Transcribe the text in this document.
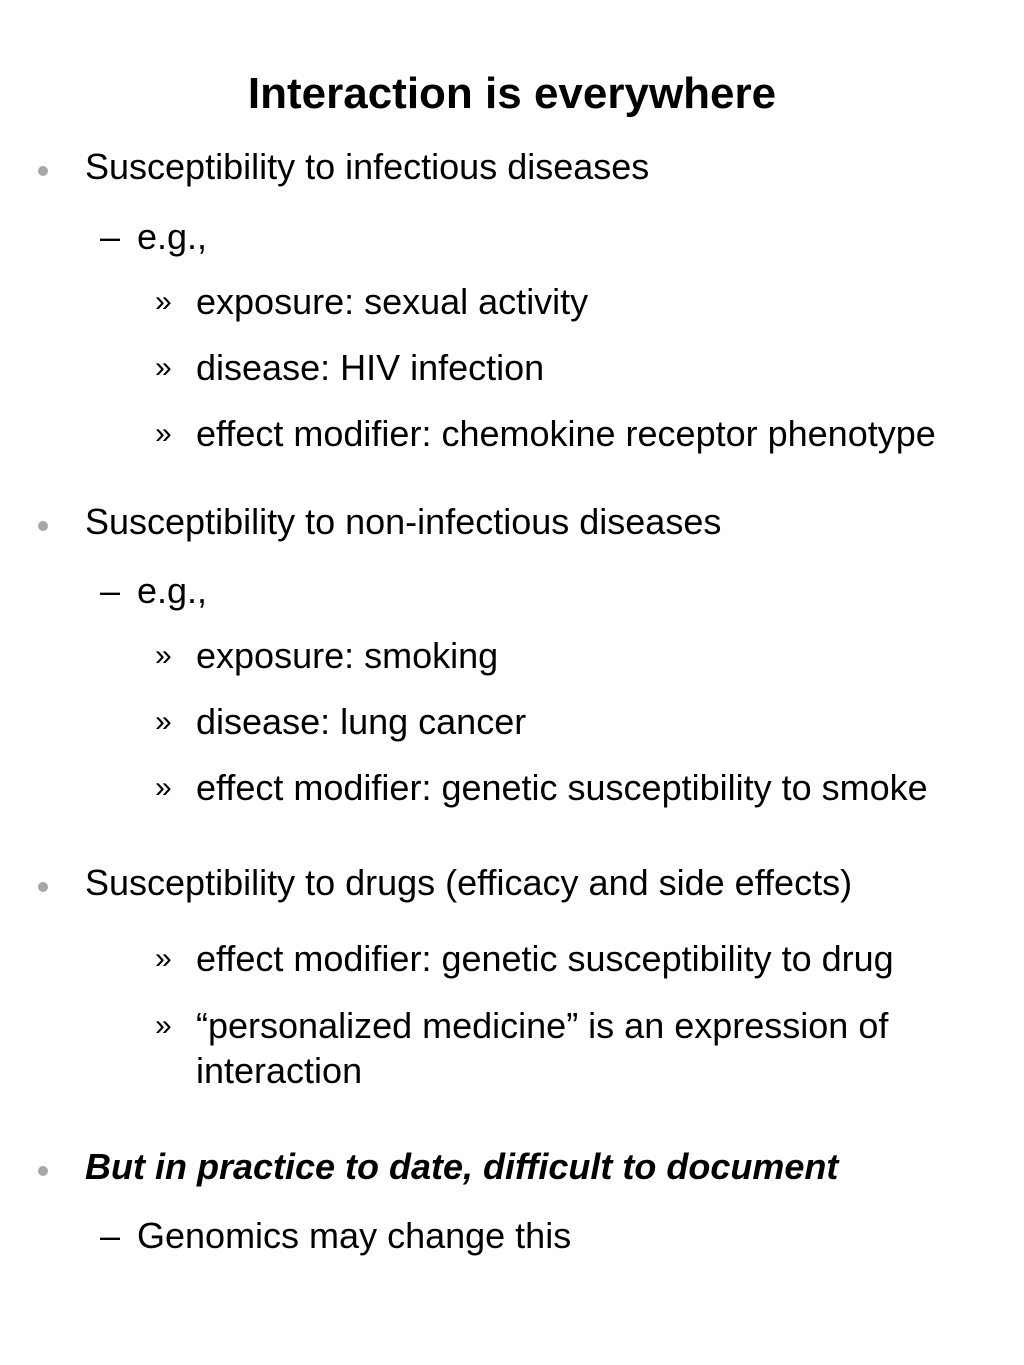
Interaction is everywhere
Susceptibility to infectious diseases
– e.g.,
» exposure: sexual activity
» disease: HIV infection
» effect modifier: chemokine receptor phenotype
Susceptibility to non-infectious diseases
– e.g.,
» exposure: smoking
» disease: lung cancer
» effect modifier: genetic susceptibility to smoke
Susceptibility to drugs (efficacy and side effects)
» effect modifier: genetic susceptibility to drug
» “personalized medicine” is an expression of
interaction
But in practice to date, difficult to document
– Genomics may change this
